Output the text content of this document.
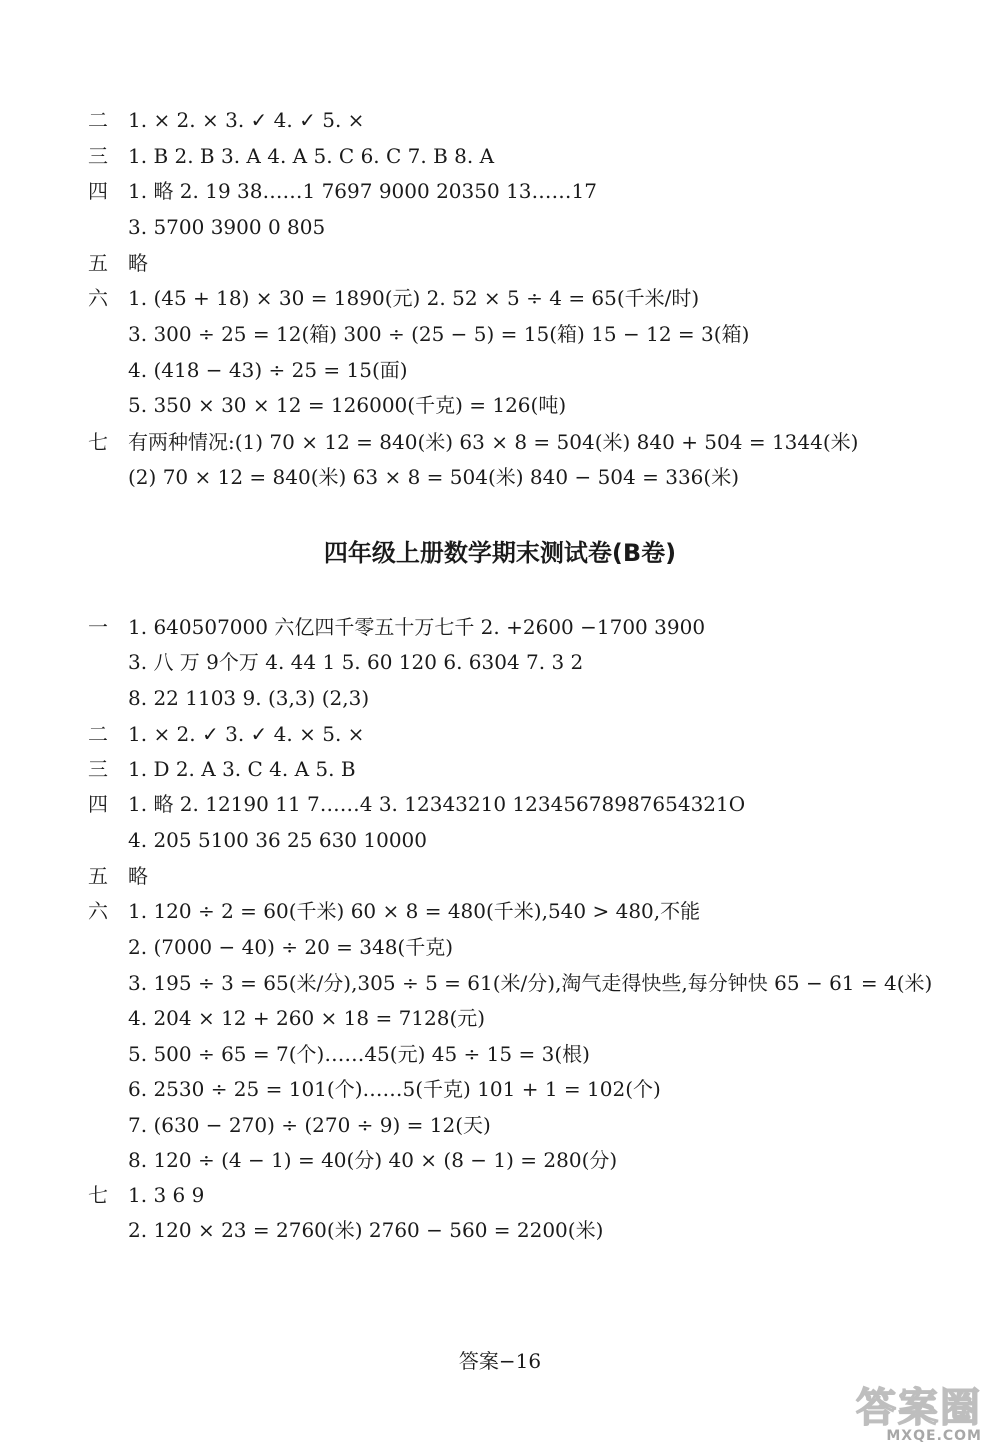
二	1. × 2. × 3. ✓ 4. ✓ 5. ×
三	1. B 2. B 3. A 4. A 5. C 6. C 7. B 8. A
四	1. 略 2. 19 38……1 7697 9000 20350 13……17
3. 5700 3900 0 805
五	略
六	1. (45 + 18) × 30 = 1890(元) 2. 52 × 5 ÷ 4 = 65(千米/时)
3. 300 ÷ 25 = 12(箱) 300 ÷ (25 − 5) = 15(箱) 15 − 12 = 3(箱)
4. (418 − 43) ÷ 25 = 15(面)
5. 350 × 30 × 12 = 126000(千克) = 126(吨)
七	有两种情况:(1) 70 × 12 = 840(米) 63 × 8 = 504(米) 840 + 504 = 1344(米)
(2) 70 × 12 = 840(米) 63 × 8 = 504(米) 840 − 504 = 336(米)
四年级上册数学期末测试卷(B卷)
一	1. 640507000 六亿四千零五十万七千 2. +2600 −1700 3900
3. 八 万 9个万 4. 44 1 5. 60 120 6. 6304 7. 3 2
8. 22 1103 9. (3,3) (2,3)
二	1. × 2. ✓ 3. ✓ 4. × 5. ×
三	1. D 2. A 3. C 4. A 5. B
四	1. 略 2. 12190 11 7……4 3. 12343210 12345678987654321O
4. 205 5100 36 25 630 10000
五	略
六	1. 120 ÷ 2 = 60(千米) 60 × 8 = 480(千米),540 > 480,不能
2. (7000 − 40) ÷ 20 = 348(千克)
3. 195 ÷ 3 = 65(米/分),305 ÷ 5 = 61(米/分),淘气走得快些,每分钟快 65 − 61 = 4(米)
4. 204 × 12 + 260 × 18 = 7128(元)
5. 500 ÷ 65 = 7(个)……45(元) 45 ÷ 15 = 3(根)
6. 2530 ÷ 25 = 101(个)……5(千克) 101 + 1 = 102(个)
7. (630 − 270) ÷ (270 ÷ 9) = 12(天)
8. 120 ÷ (4 − 1) = 40(分) 40 × (8 − 1) = 280(分)
七	1. 3 6 9
2. 120 × 23 = 2760(米) 2760 − 560 = 2200(米)
答案−16
答案圈
MXQE.COM
